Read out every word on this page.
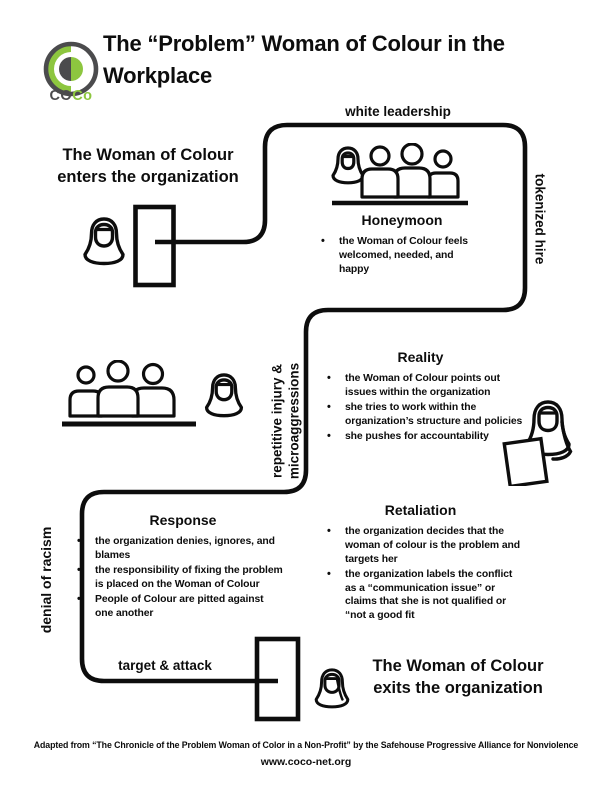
COCo
The “Problem” Woman of Colour in the
Workplace
The Woman of Colour
enters the organization
white leadership
tokenized hire
Honeymoon
• the Woman of Colour feels
welcomed, needed, and
happy
repetitive injury & microaggressions
Reality
• the Woman of Colour points out
issues within the organization
• she tries to work within the
organization’s structure and policies
• she pushes for accountability
denial of racism
Response
• the organization denies, ignores, and
blames
• the responsibility of fixing the problem
is placed on the Woman of Colour
• People of Colour are pitted against
one another
Retaliation
• the organization decides that the
woman of colour is the problem and
targets her
• the organization labels the conflict
as a “communication issue” or
claims that she is not qualified or
“not a good fit
target & attack	The Woman of Colour
exits the organization
Adapted from “The Chronicle of the Problem Woman of Color in a Non-Profit” by the Safehouse Progressive Alliance for Nonviolence
www.coco-net.org
